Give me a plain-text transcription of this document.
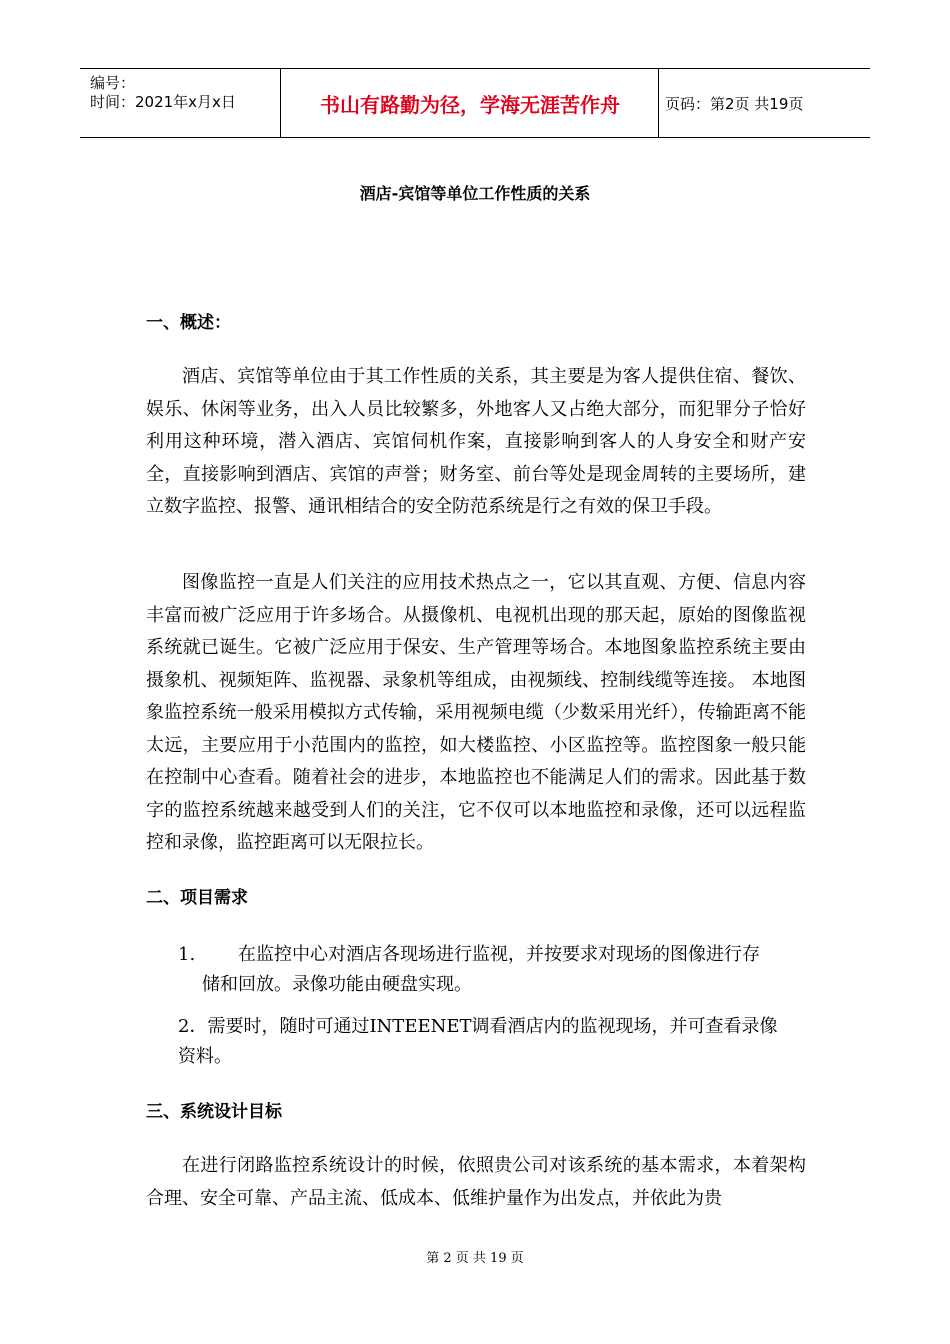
编号：
时间：2021年x月x日	书山有路勤为径，学海无涯苦作舟	页码：第2页 共19页
酒店-宾馆等单位工作性质的关系
一、概述：

酒店、宾馆等单位由于其工作性质的关系，其主要是为客人提供住宿、餐饮、娱乐、休闲等业务，出入人员比较繁多，外地客人又占绝大部分，而犯罪分子恰好利用这种环境，潜入酒店、宾馆伺机作案，直接影响到客人的人身安全和财产安全，直接影响到酒店、宾馆的声誉；财务室、前台等处是现金周转的主要场所，建立数字监控、报警、通讯相结合的安全防范系统是行之有效的保卫手段。

图像监控一直是人们关注的应用技术热点之一，它以其直观、方便、信息内容丰富而被广泛应用于许多场合。从摄像机、电视机出现的那天起，原始的图像监视系统就已诞生。它被广泛应用于保安、生产管理等场合。本地图象监控系统主要由摄象机、视频矩阵、监视器、录象机等组成，由视频线、控制线缆等连接。 本地图象监控系统一般采用模拟方式传输，采用视频电缆（少数采用光纤），传输距离不能太远，主要应用于小范围内的监控，如大楼监控、小区监控等。监控图象一般只能在控制中心查看。随着社会的进步，本地监控也不能满足人们的需求。因此基于数字的监控系统越来越受到人们的关注，它不仅可以本地监控和录像，还可以远程监控和录像，监控距离可以无限拉长。

二、项目需求
1. 在监控中心对酒店各现场进行监视，并按要求对现场的图像进行存
储和回放。录像功能由硬盘实现。
2．需要时，随时可通过INTEENET调看酒店内的监视现场，并可查看录像
资料。
三、系统设计目标

在进行闭路监控系统设计的时候，依照贵公司对该系统的基本需求，本着架构合理、安全可靠、产品主流、低成本、低维护量作为出发点，并依此为贵

第 2 页 共 19 页
